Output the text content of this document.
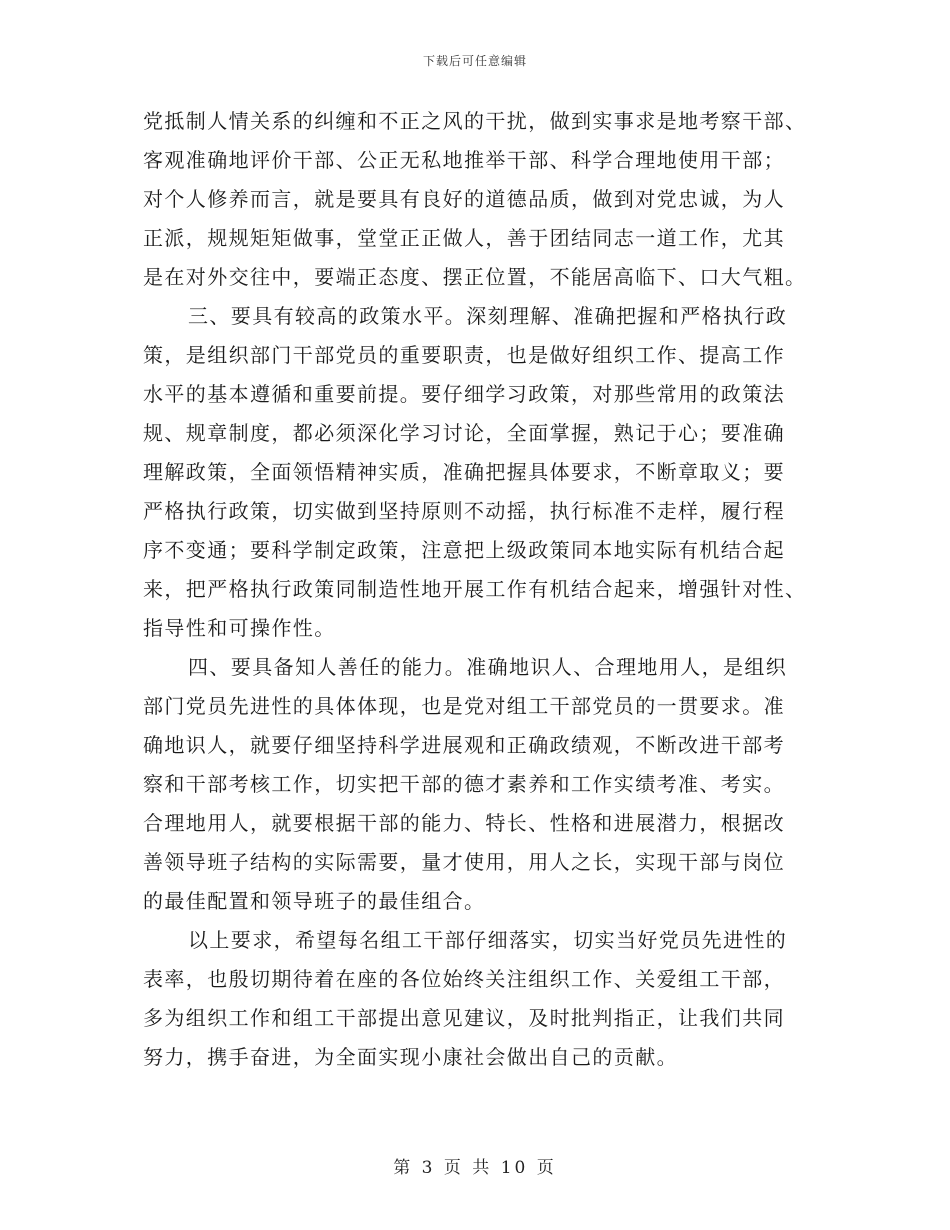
下载后可任意编辑
党抵制人情关系的纠缠和不正之风的干扰，做到实事求是地考察干部、
客观准确地评价干部、公正无私地推举干部、科学合理地使用干部；
对个人修养而言，就是要具有良好的道德品质，做到对党忠诚，为人
正派，规规矩矩做事，堂堂正正做人，善于团结同志一道工作，尤其
是在对外交往中，要端正态度、摆正位置，不能居高临下、口大气粗。
三、要具有较高的政策水平。深刻理解、准确把握和严格执行政
策，是组织部门干部党员的重要职责，也是做好组织工作、提高工作
水平的基本遵循和重要前提。要仔细学习政策，对那些常用的政策法
规、规章制度，都必须深化学习讨论，全面掌握，熟记于心；要准确
理解政策，全面领悟精神实质，准确把握具体要求，不断章取义；要
严格执行政策，切实做到坚持原则不动摇，执行标准不走样，履行程
序不变通；要科学制定政策，注意把上级政策同本地实际有机结合起
来，把严格执行政策同制造性地开展工作有机结合起来，增强针对性、
指导性和可操作性。
四、要具备知人善任的能力。准确地识人、合理地用人，是组织
部门党员先进性的具体体现，也是党对组工干部党员的一贯要求。准
确地识人，就要仔细坚持科学进展观和正确政绩观，不断改进干部考
察和干部考核工作，切实把干部的德才素养和工作实绩考准、考实。
合理地用人，就要根据干部的能力、特长、性格和进展潜力，根据改
善领导班子结构的实际需要，量才使用，用人之长，实现干部与岗位
的最佳配置和领导班子的最佳组合。
以上要求，希望每名组工干部仔细落实，切实当好党员先进性的
表率，也殷切期待着在座的各位始终关注组织工作、关爱组工干部，
多为组织工作和组工干部提出意见建议，及时批判指正，让我们共同
努力，携手奋进，为全面实现小康社会做出自己的贡献。
第 3 页 共 10 页
